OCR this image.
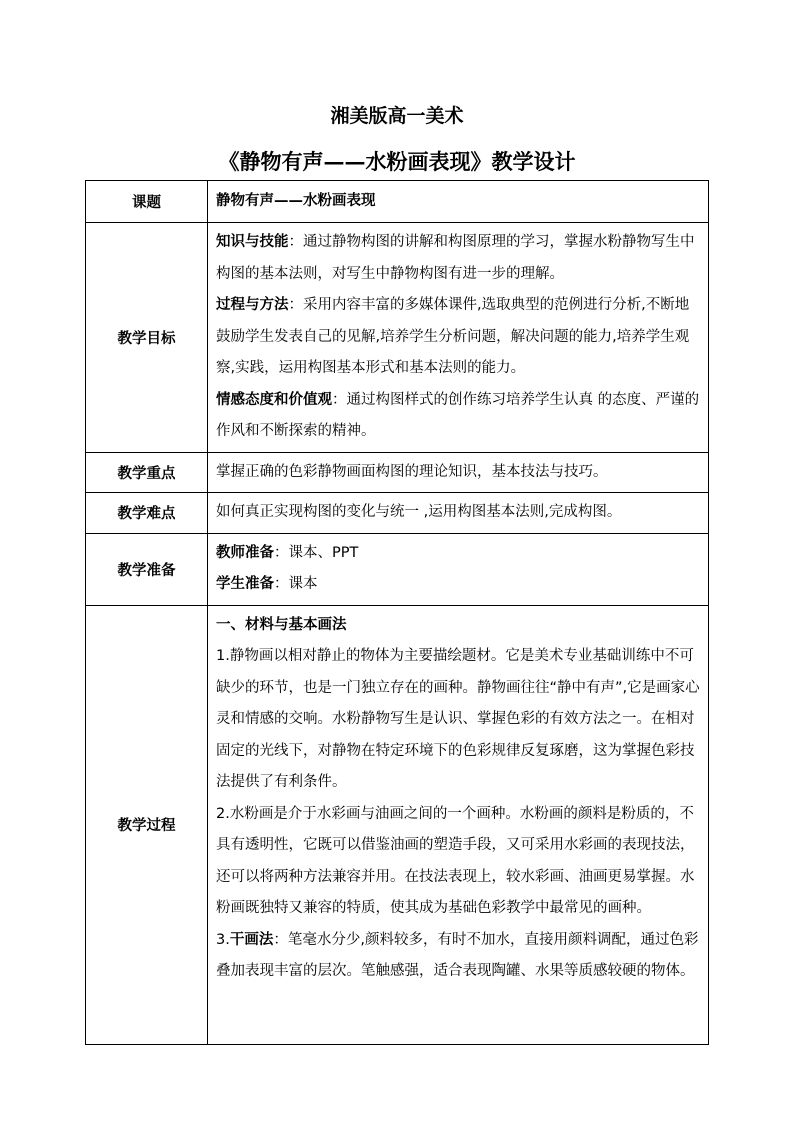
湘美版高一美术
《静物有声——水粉画表现》教学设计
课题	静物有声——水粉画表现
教学目标	知识与技能：通过静物构图的讲解和构图原理的学习，掌握水粉静物写生中构图的基本法则，对写生中静物构图有进一步的理解。

过程与方法：采用内容丰富的多媒体课件,选取典型的范例进行分析,不断地鼓励学生发表自己的见解,培养学生分析问题，解决问题的能力,培养学生观察,实践，运用构图基本形式和基本法则的能力。

情感态度和价值观：通过构图样式的创作练习培养学生认真 的态度、严谨的作风和不断探索的精神。

教学重点	掌握正确的色彩静物画面构图的理论知识，基本技法与技巧。
教学难点	如何真正实现构图的变化与统一 ,运用构图基本法则,完成构图。
教学准备	教师准备：课本、PPT

学生准备：课本

教学过程	一、材料与基本画法

1.静物画以相对静止的物体为主要描绘题材。它是美术专业基础训练中不可缺少的环节，也是一门独立存在的画种。静物画往往“静中有声”,它是画家心灵和情感的交响。水粉静物写生是认识、掌握色彩的有效方法之一。在相对固定的光线下，对静物在特定环境下的色彩规律反复琢磨，这为掌握色彩技法提供了有利条件。

2.水粉画是介于水彩画与油画之间的一个画种。水粉画的颜料是粉质的，不具有透明性，它既可以借鉴油画的塑造手段，又可采用水彩画的表现技法，还可以将两种方法兼容并用。在技法表现上，较水彩画、油画更易掌握。水粉画既独特又兼容的特质，使其成为基础色彩教学中最常见的画种。

3.干画法：笔毫水分少,颜料较多，有时不加水，直接用颜料调配，通过色彩叠加表现丰富的层次。笔触感强，适合表现陶罐、水果等质感较硬的物体。
